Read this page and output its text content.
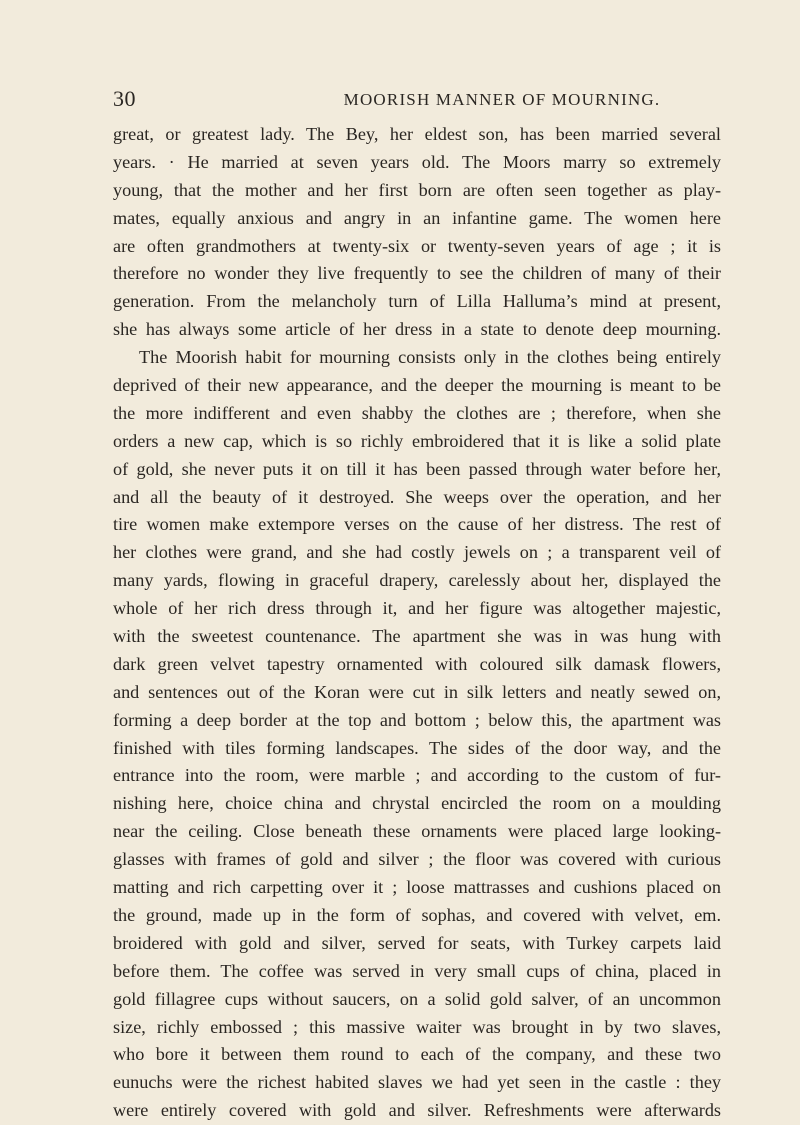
30	MOORISH MANNER OF MOURNING.
great, or greatest lady. The Bey, her eldest son, has been married several
years. · He married at seven years old. The Moors marry so extremely
young, that the mother and her first born are often seen together as play-
mates, equally anxious and angry in an infantine game. The women here
are often grandmothers at twenty-six or twenty-seven years of age ; it is
therefore no wonder they live frequently to see the children of many of their
generation. From the melancholy turn of Lilla Halluma’s mind at present,
she has always some article of her dress in a state to denote deep mourning.
The Moorish habit for mourning consists only in the clothes being entirely
deprived of their new appearance, and the deeper the mourning is meant to be
the more indifferent and even shabby the clothes are ; therefore, when she
orders a new cap, which is so richly embroidered that it is like a solid plate
of gold, she never puts it on till it has been passed through water before her,
and all the beauty of it destroyed. She weeps over the operation, and her
tire women make extempore verses on the cause of her distress. The rest of
her clothes were grand, and she had costly jewels on ; a transparent veil of
many yards, flowing in graceful drapery, carelessly about her, displayed the
whole of her rich dress through it, and her figure was altogether majestic,
with the sweetest countenance. The apartment she was in was hung with
dark green velvet tapestry ornamented with coloured silk damask flowers,
and sentences out of the Koran were cut in silk letters and neatly sewed on,
forming a deep border at the top and bottom ; below this, the apartment was
finished with tiles forming landscapes. The sides of the door way, and the
entrance into the room, were marble ; and according to the custom of fur-
nishing here, choice china and chrystal encircled the room on a moulding
near the ceiling. Close beneath these ornaments were placed large looking-
glasses with frames of gold and silver ; the floor was covered with curious
matting and rich carpetting over it ; loose mattrasses and cushions placed on
the ground, made up in the form of sophas, and covered with velvet, em.
broidered with gold and silver, served for seats, with Turkey carpets laid
before them. The coffee was served in very small cups of china, placed in
gold fillagree cups without saucers, on a solid gold salver, of an uncommon
size, richly embossed ; this massive waiter was brought in by two slaves,
who bore it between them round to each of the company, and these two
eunuchs were the richest habited slaves we had yet seen in the castle : they
were entirely covered with gold and silver. Refreshments were afterwards
